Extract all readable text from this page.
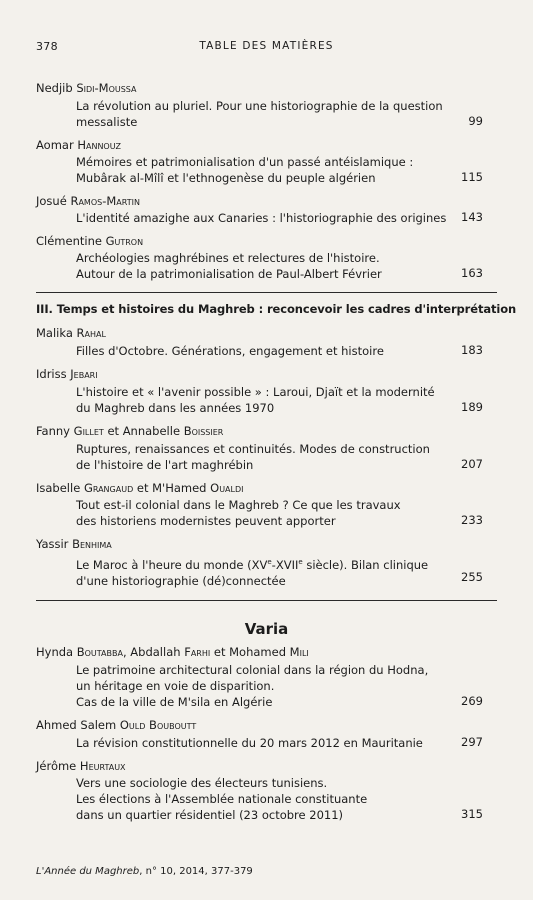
378	TABLE DES MATIÈRES
Nedjib Sidi-Moussa
La révolution au pluriel. Pour une historiographie de la question
messaliste	99
Aomar Hannouz
Mémoires et patrimonialisation d'un passé antéislamique :
Mubârak al-Mîlî et l'ethnogenèse du peuple algérien	115
Josué Ramos-Martin
L'identité amazighe aux Canaries : l'historiographie des origines 143
Clémentine Gutron
Archéologies maghrébines et relectures de l'histoire.
Autour de la patrimonialisation de Paul-Albert Février	163
III. Temps et histoires du Maghreb : reconcevoir les cadres d'interprétation
Malika Rahal
Filles d'Octobre. Générations, engagement et histoire	183
Idriss Jebari
L'histoire et « l'avenir possible » : Laroui, Djaït et la modernité
du Maghreb dans les années 1970	189
Fanny Gillet et Annabelle Boissier
Ruptures, renaissances et continuités. Modes de construction
de l'histoire de l'art maghrébin	207
Isabelle Grangaud et M'Hamed Oualdi
Tout est-il colonial dans le Maghreb ? Ce que les travaux
des historiens modernistes peuvent apporter	233
Yassir Benhima
Le Maroc à l'heure du monde (XVe-XVIIe siècle). Bilan clinique
d'une historiographie (dé)connectée	255
Varia
Hynda Boutabba, Abdallah Farhi et Mohamed Mili
Le patrimoine architectural colonial dans la région du Hodna,
un héritage en voie de disparition.
Cas de la ville de M'sila en Algérie	269
Ahmed Salem Ould Bouboutt
La révision constitutionnelle du 20 mars 2012 en Mauritanie	297
Jérôme Heurtaux
Vers une sociologie des électeurs tunisiens.
Les élections à l'Assemblée nationale constituante
dans un quartier résidentiel (23 octobre 2011)	315
L'Année du Maghreb, n° 10, 2014, 377-379
